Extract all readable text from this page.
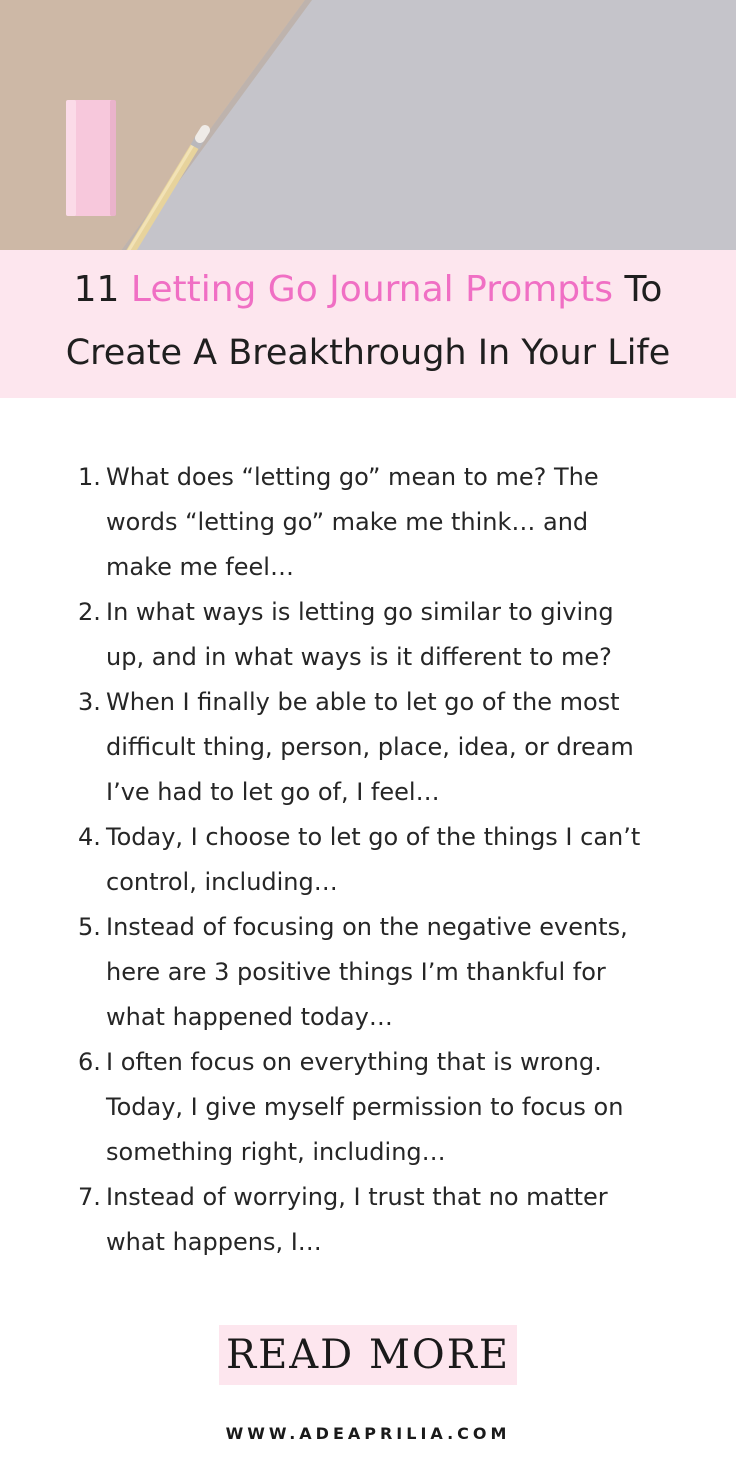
11 Letting Go Journal Prompts To
Create A Breakthrough In Your Life
1. What does “letting go” mean to me? The
words “letting go” make me think… and
make me feel…
2. In what ways is letting go similar to giving
up, and in what ways is it different to me?
3. When I finally be able to let go of the most
difficult thing, person, place, idea, or dream
I’ve had to let go of, I feel…
4. Today, I choose to let go of the things I can’t
control, including…
5. Instead of focusing on the negative events,
here are 3 positive things I’m thankful for
what happened today…
6. I often focus on everything that is wrong.
Today, I give myself permission to focus on
something right, including…
7. Instead of worrying, I trust that no matter
what happens, I…
READ MORE
WWW.ADEAPRILIA.COM
